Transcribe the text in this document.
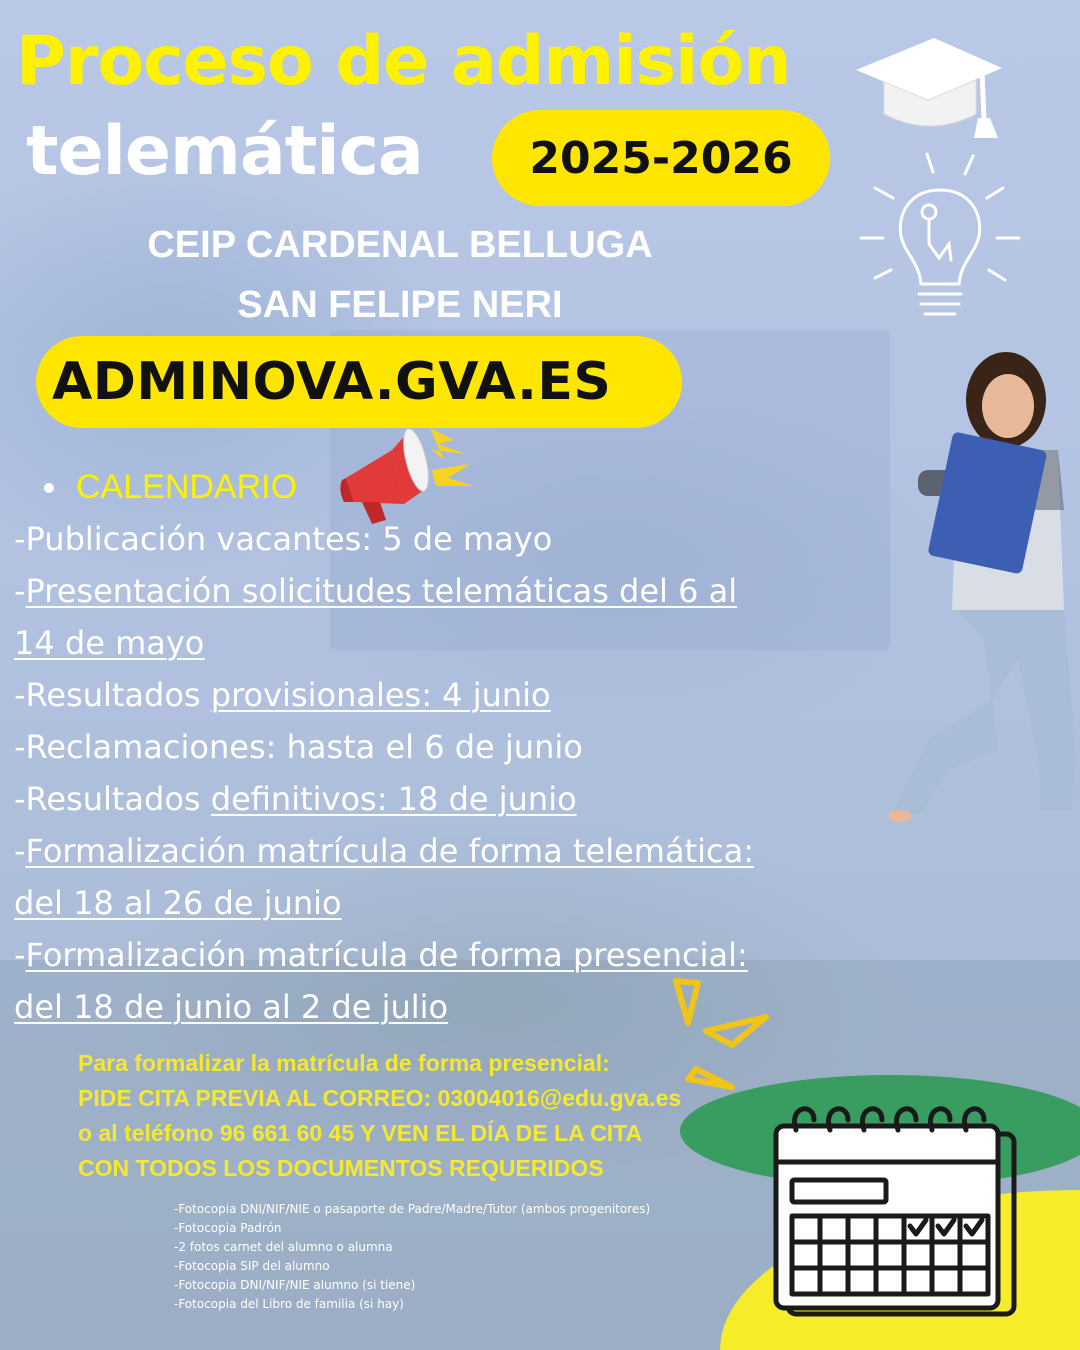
Proceso de admisión
telemática	2025-2026
CEIP CARDENAL BELLUGA
SAN FELIPE NERI
ADMINOVA.GVA.ES
CALENDARIO
-Publicación vacantes: 5 de mayo
-Presentación solicitudes telemáticas del 6 al
14 de mayo
-Resultados provisionales: 4 junio
-Reclamaciones: hasta el 6 de junio
-Resultados definitivos: 18 de junio
-Formalización matrícula de forma telemática:
del 18 al 26 de junio
-Formalización matrícula de forma presencial:
del 18 de junio al 2 de julio
Para formalizar la matrícula de forma presencial:
PIDE CITA PREVIA AL CORREO: 03004016@edu.gva.es
o al teléfono 96 661 60 45 Y VEN EL DÍA DE LA CITA
CON TODOS LOS DOCUMENTOS REQUERIDOS
-Fotocopia DNI/NIF/NIE o pasaporte de Padre/Madre/Tutor (ambos progenitores)
-Fotocopia Padrón
-2 fotos carnet del alumno o alumna
-Fotocopia SIP del alumno
-Fotocopia DNI/NIF/NIE alumno (si tiene)
-Fotocopia del Libro de familia (si hay)
